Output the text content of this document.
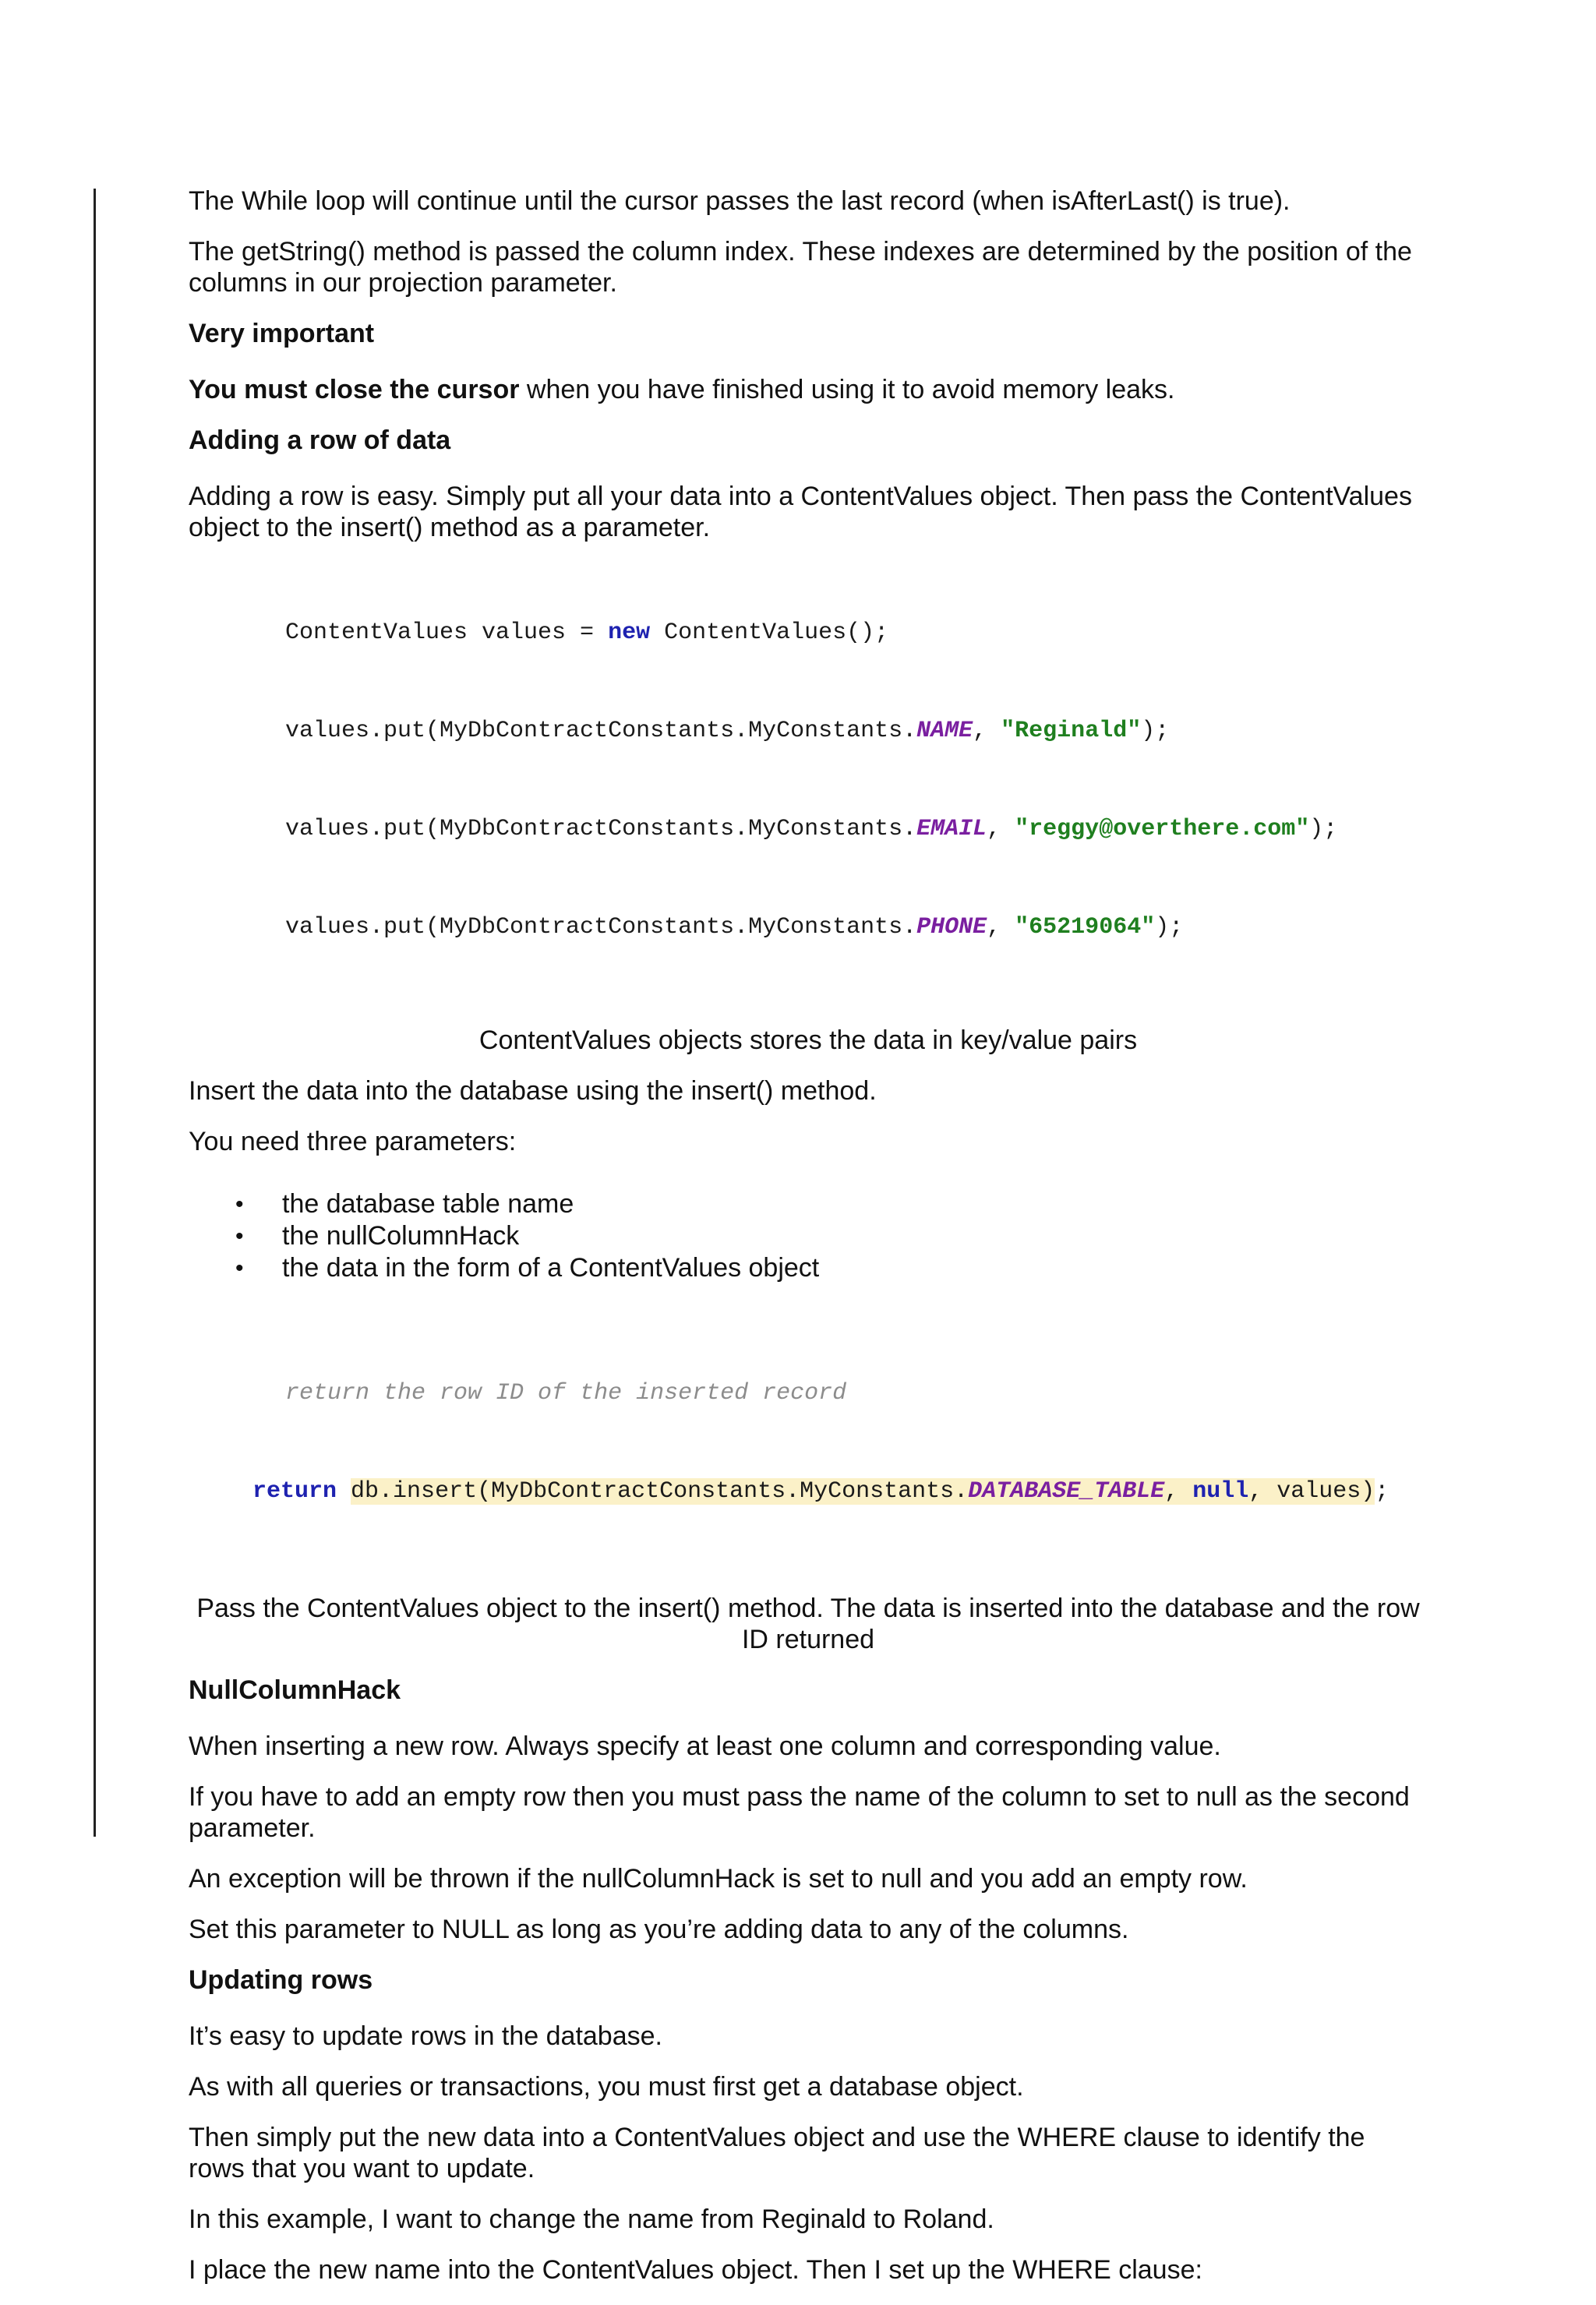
The While loop will continue until the cursor passes the last record (when isAfterLast() is true).

The getString() method is passed the column index. These indexes are determined by the position of the columns in our projection parameter.

Very important

You must close the cursor when you have finished using it to avoid memory leaks.

Adding a row of data

Adding a row is easy. Simply put all your data into a ContentValues object. Then pass the ContentValues object to the insert() method as a parameter.

ContentValues values = new ContentValues();

values.put(MyDbContractConstants.MyConstants.NAME, "Reginald");

values.put(MyDbContractConstants.MyConstants.EMAIL, "reggy@overthere.com");

values.put(MyDbContractConstants.MyConstants.PHONE, "65219064");

ContentValues objects stores the data in key/value pairs

Insert the data into the database using the insert() method.

You need three parameters:

• the database table name
• the nullColumnHack
• the data in the form of a ContentValues object

return the row ID of the inserted record

return db.insert(MyDbContractConstants.MyConstants.DATABASE_TABLE, null, values);

Pass the ContentValues object to the insert() method. The data is inserted into the database and the row ID returned

NullColumnHack

When inserting a new row. Always specify at least one column and corresponding value.

If you have to add an empty row then you must pass the name of the column to set to null as the second parameter.

An exception will be thrown if the nullColumnHack is set to null and you add an empty row.

Set this parameter to NULL as long as you’re adding data to any of the columns.

Updating rows

It’s easy to update rows in the database.

As with all queries or transactions, you must first get a database object.

Then simply put the new data into a ContentValues object and use the WHERE clause to identify the rows that you want to update.

In this example, I want to change the name from Reginald to Roland.

I place the new name into the ContentValues object. Then I set up the WHERE clause:
